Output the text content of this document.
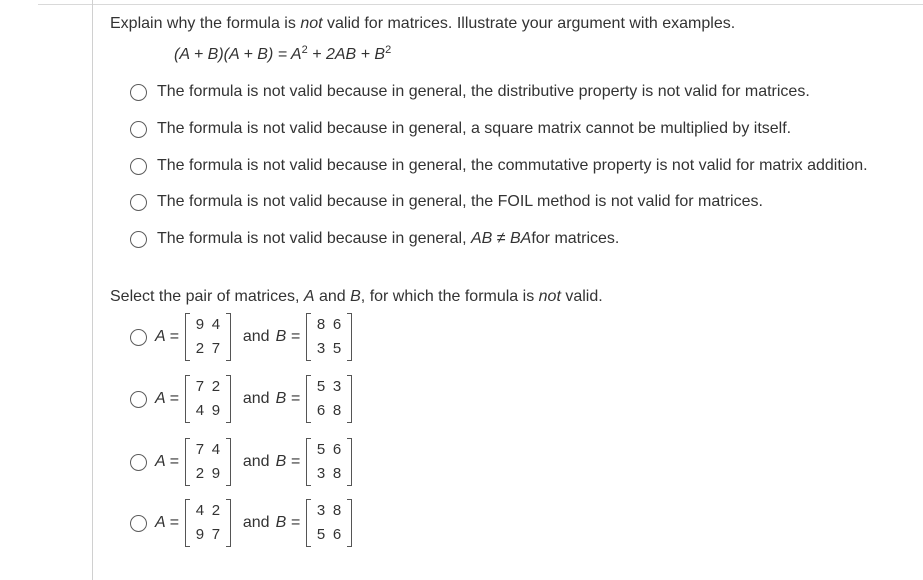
Explain why the formula is not valid for matrices. Illustrate your argument with examples.
$(A + B)(A + B) = A^2 + 2AB + B^2$
The formula is not valid because in general, the distributive property is not valid for matrices.
The formula is not valid because in general, a square matrix cannot be multiplied by itself.
The formula is not valid because in general, the commutative property is not valid for matrix addition.
The formula is not valid because in general, the FOIL method is not valid for matrices.
The formula is not valid because in general,
AB ≠ BA for matrices.
Select the pair of matrices, A and B, for which the formula is not valid.
A =
9 4
2 7
and B =
8 6
3 5
A =
7 2
4 9
and B =
5 3
6 8
A =
7 4
2 9
and B =
5 6
3 8
A =
4 2
9 7
and B =
3 8
5 6
